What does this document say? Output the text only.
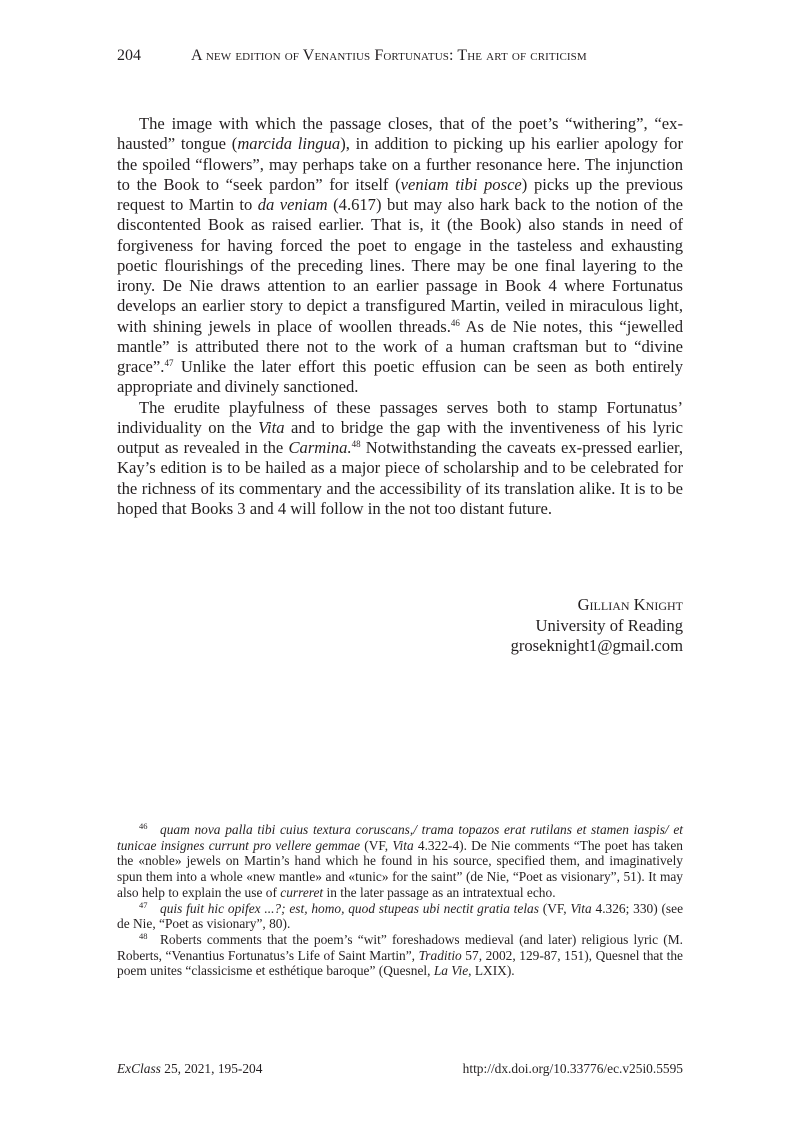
204	A new edition of Venantius Fortunatus: The art of criticism

The image with which the passage closes, that of the poet’s “withering”, “ex-hausted” tongue (marcida lingua), in addition to picking up his earlier apology for the spoiled “flowers”, may perhaps take on a further resonance here. The injunction to the Book to “seek pardon” for itself (veniam tibi posce) picks up the previous request to Martin to da veniam (4.617) but may also hark back to the notion of the discontented Book as raised earlier. That is, it (the Book) also stands in need of forgiveness for having forced the poet to engage in the tasteless and exhausting poetic flourishings of the preceding lines. There may be one final layering to the irony. De Nie draws attention to an earlier passage in Book 4 where Fortunatus develops an earlier story to depict a transfigured Martin, veiled in miraculous light, with shining jewels in place of woollen threads.$^{46}$ As de Nie notes, this “jewelled mantle” is attributed there not to the work of a human craftsman but to “divine grace”.$^{47}$ Unlike the later effort this poetic effusion can be seen as both entirely appropriate and divinely sanctioned.

The erudite playfulness of these passages serves both to stamp Fortunatus’ individuality on the Vita and to bridge the gap with the inventiveness of his lyric output as revealed in the Carmina.$^{48}$ Notwithstanding the caveats ex-pressed earlier, Kay’s edition is to be hailed as a major piece of scholarship and to be celebrated for the richness of its commentary and the accessibility of its translation alike. It is to be hoped that Books 3 and 4 will follow in the not too distant future.

Gillian Knight
University of Reading
groseknight1@gmail.com

46 quam nova palla tibi cuius textura coruscans,/ trama topazos erat rutilans et stamen iaspis/ et tunicae insignes currunt pro vellere gemmae (VF, Vita 4.322-4). De Nie comments “The poet has taken the «noble» jewels on Martin’s hand which he found in his source, specified them, and imaginatively spun them into a whole «new mantle» and «tunic» for the saint” (de Nie, “Poet as visionary”, 51). It may also help to explain the use of curreret in the later passage as an intratextual echo.

47 quis fuit hic opifex ...?; est, homo, quod stupeas ubi nectit gratia telas (VF, Vita 4.326; 330) (see de Nie, “Poet as visionary”, 80).

48 Roberts comments that the poem’s “wit” foreshadows medieval (and later) religious lyric (M. Roberts, “Venantius Fortunatus’s Life of Saint Martin”, Traditio 57, 2002, 129-87, 151), Quesnel that the poem unites “classicisme et esthétique baroque” (Quesnel, La Vie, LXIX).

ExClass 25, 2021, 195-204	http://dx.doi.org/10.33776/ec.v25i0.5595
